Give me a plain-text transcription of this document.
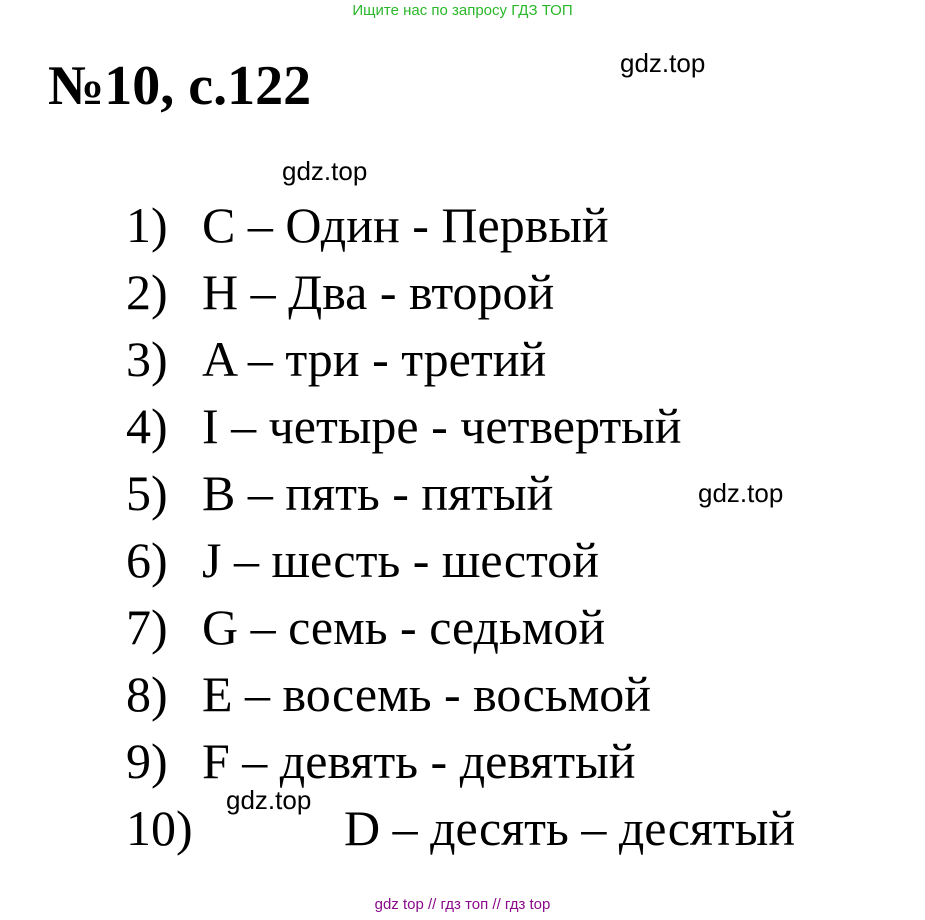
Ищите нас по запросу ГДЗ ТОП
№10, с.122	gdz.top
gdz.top
gdz.top
1) C – Один - Первый
2) H – Два - второй
3) A – три - третий
4) I – четыре - четвертый
5) B – пять - пятый
6) J – шесть - шестой
7) G – семь - седьмой
8) E – восемь - восьмой
9) F – девять - девятый
10) gdz.top D – десять – десятый
gdz top // гдз топ // гдз top
